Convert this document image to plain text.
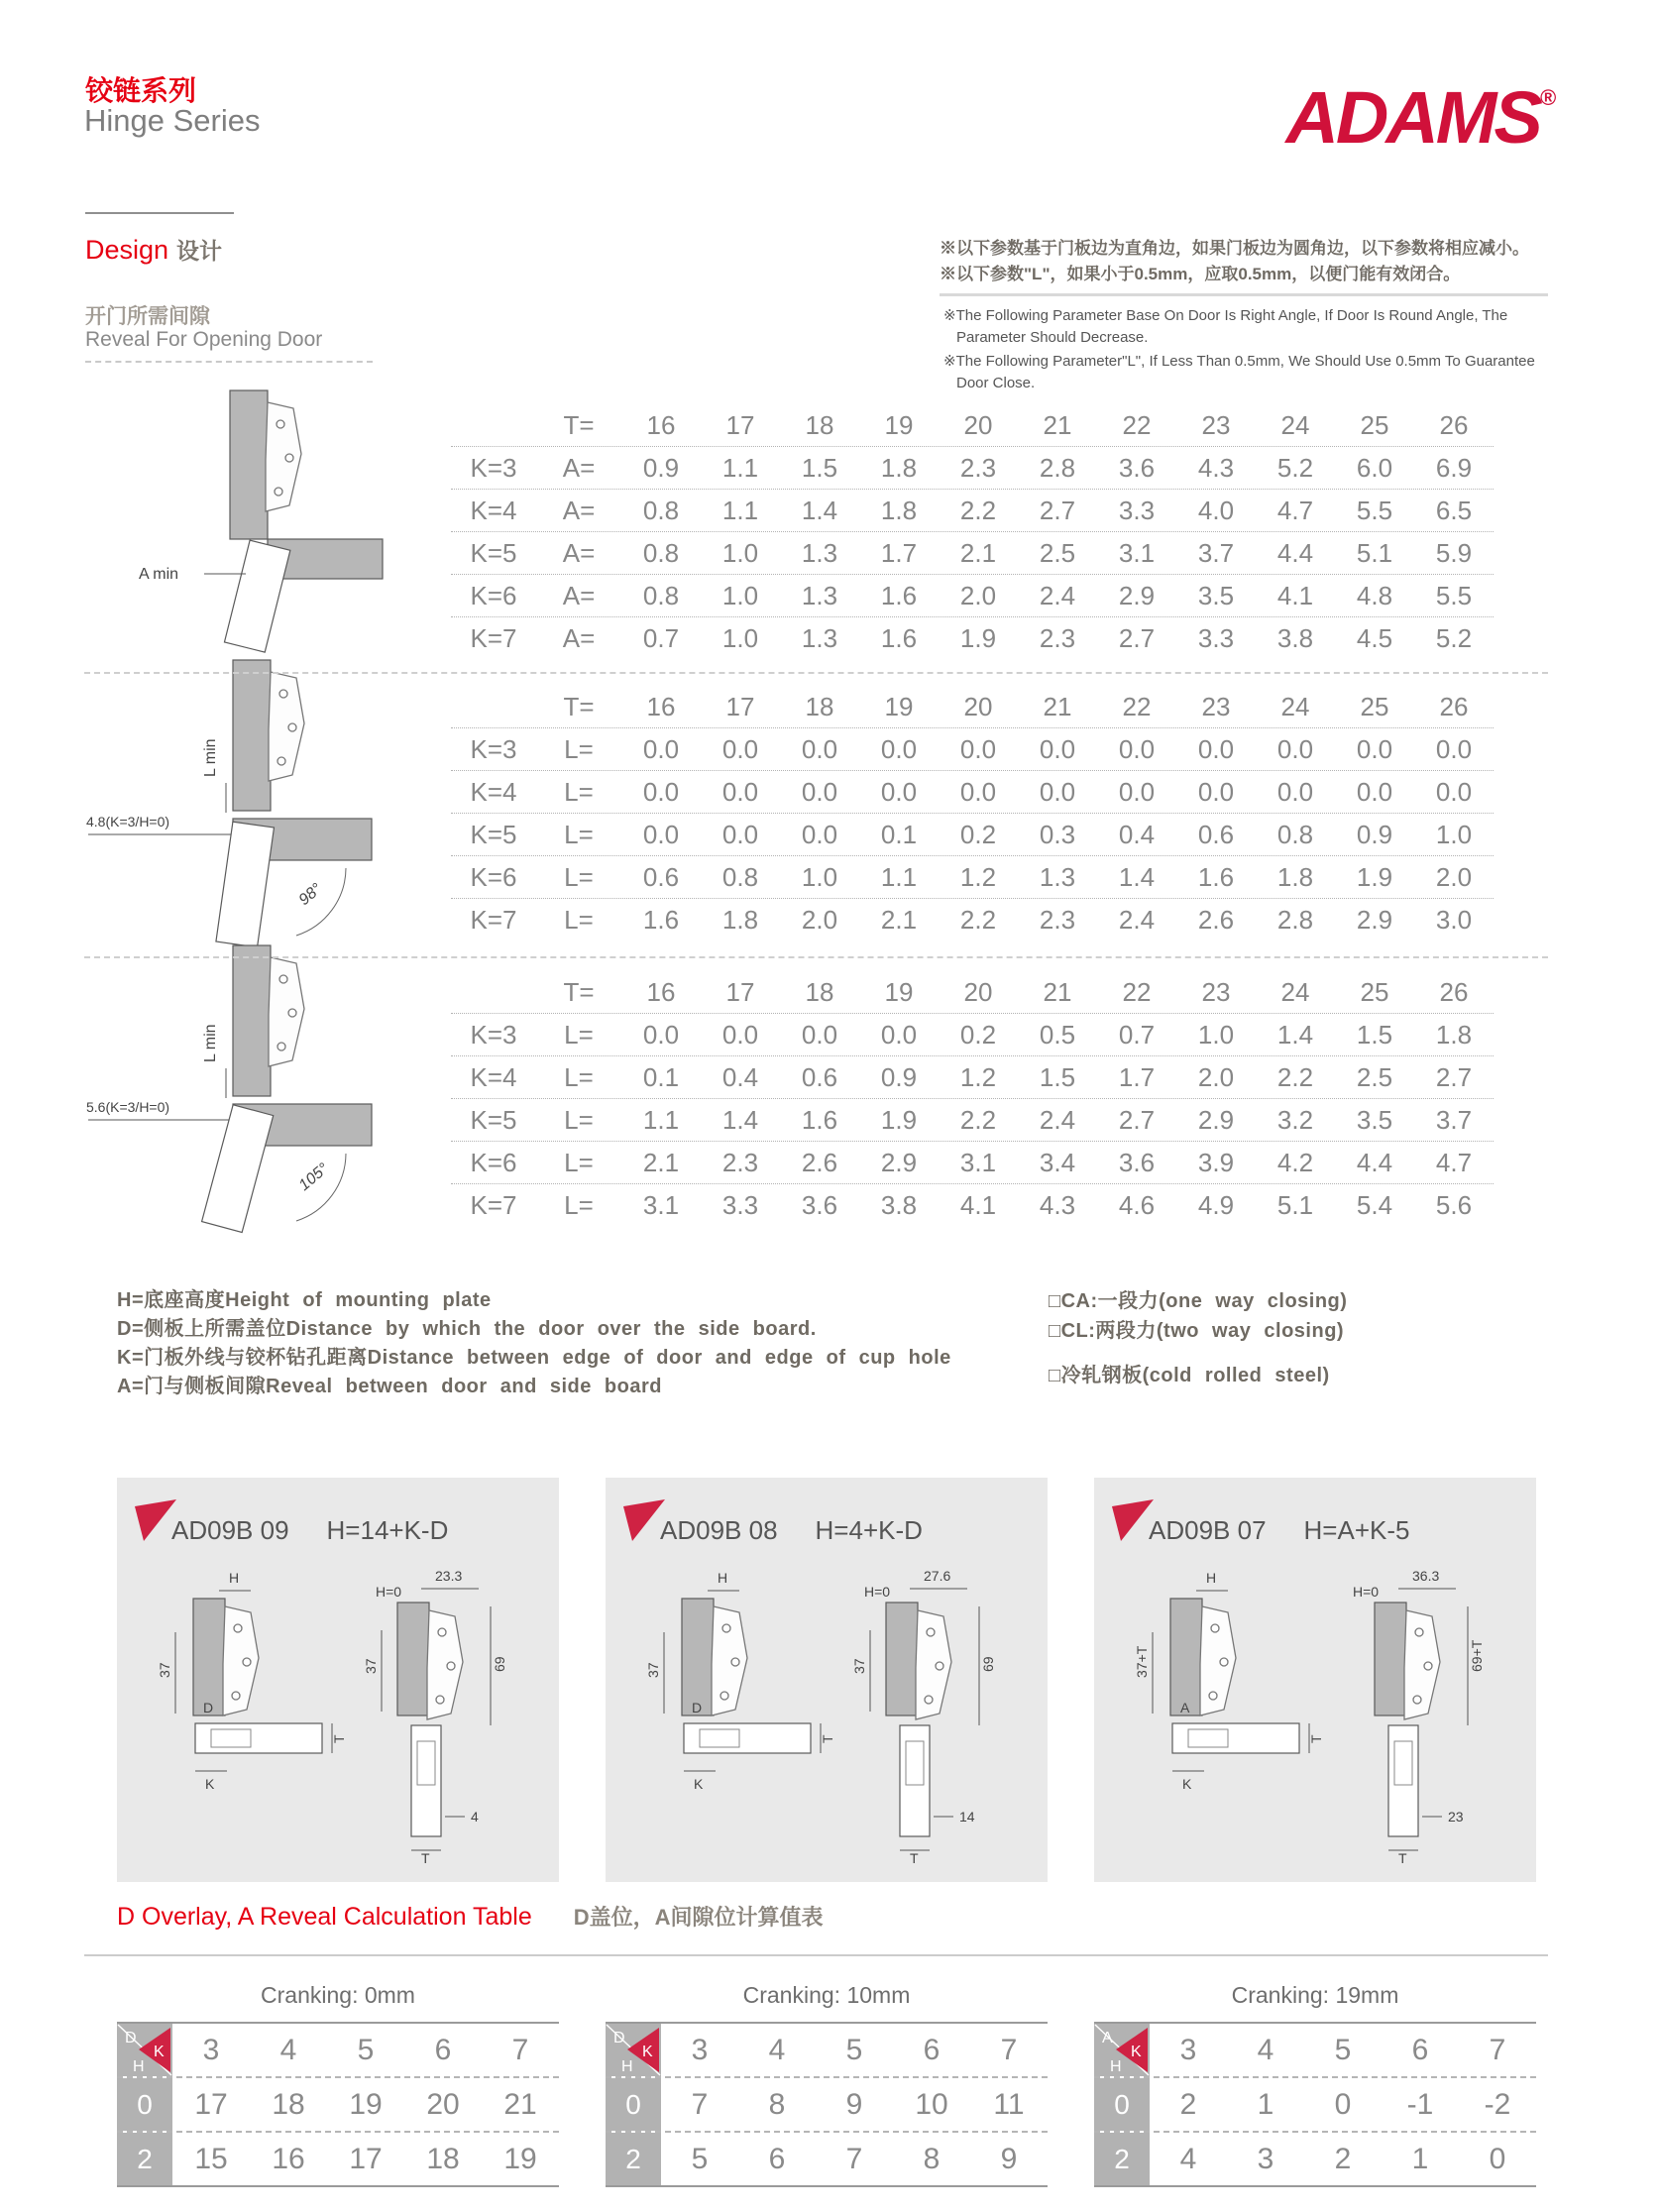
铰链系列
Hinge Series	ADAMS®
Design 设计	※以下参数基于门板边为直角边，如果门板边为圆角边，以下参数将相应减小。
※以下参数"L"，如果小于0.5mm，应取0.5mm，以便门能有效闭合。
※The Following Parameter Base On Door Is Right Angle, If Door Is Round Angle, The Parameter Should Decrease.
※The Following Parameter"L", If Less Than 0.5mm, We Should Use 0.5mm To Guarantee Door Close.
开门所需间隙
Reveal For Opening Door
A min
L min
4.8(K=3/H=0)
98°
L min
5.6(K=3/H=0)
105°
T=	16	17	18	19	20	21	22	23	24	25	26
K=3	A=	0.9	1.1	1.5	1.8	2.3	2.8	3.6	4.3	5.2	6.0	6.9
K=4	A=	0.8	1.1	1.4	1.8	2.2	2.7	3.3	4.0	4.7	5.5	6.5
K=5	A=	0.8	1.0	1.3	1.7	2.1	2.5	3.1	3.7	4.4	5.1	5.9
K=6	A=	0.8	1.0	1.3	1.6	2.0	2.4	2.9	3.5	4.1	4.8	5.5
K=7	A=	0.7	1.0	1.3	1.6	1.9	2.3	2.7	3.3	3.8	4.5	5.2
T=	16	17	18	19	20	21	22	23	24	25	26
K=3	L=	0.0	0.0	0.0	0.0	0.0	0.0	0.0	0.0	0.0	0.0	0.0
K=4	L=	0.0	0.0	0.0	0.0	0.0	0.0	0.0	0.0	0.0	0.0	0.0
K=5	L=	0.0	0.0	0.0	0.1	0.2	0.3	0.4	0.6	0.8	0.9	1.0
K=6	L=	0.6	0.8	1.0	1.1	1.2	1.3	1.4	1.6	1.8	1.9	2.0
K=7	L=	1.6	1.8	2.0	2.1	2.2	2.3	2.4	2.6	2.8	2.9	3.0
T=	16	17	18	19	20	21	22	23	24	25	26
K=3	L=	0.0	0.0	0.0	0.0	0.2	0.5	0.7	1.0	1.4	1.5	1.8
K=4	L=	0.1	0.4	0.6	0.9	1.2	1.5	1.7	2.0	2.2	2.5	2.7
K=5	L=	1.1	1.4	1.6	1.9	2.2	2.4	2.7	2.9	3.2	3.5	3.7
K=6	L=	2.1	2.3	2.6	2.9	3.1	3.4	3.6	3.9	4.2	4.4	4.7
K=7	L=	3.1	3.3	3.6	3.8	4.1	4.3	4.6	4.9	5.1	5.4	5.6
H=底座高度Height of mounting plate
D=侧板上所需盖位Distance by which the door over the side board.
K=门板外线与铰杯钻孔距离Distance between edge of door and edge of cup hole
A=门与侧板间隙Reveal between door and side board
□CA:一段力(one way closing)
□CL:两段力(two way closing)
□冷轧钢板(cold rolled steel)
AD09B 09 H=14+K-D
H
37
D
K
T
H=0
23.3
37	69
4
T
AD09B 08 H=4+K-D
H
37
D
K
T
H=0
27.6
37	69
14
T
AD09B 07 H=A+K-5
H
37+T
A
K
T
H=0
36.3
69+T
23
T
D Overlay, A Reveal Calculation Table D盖位，A间隙位计算值表
Cranking: 0mm	Cranking: 10mm	Cranking: 19mm
D
K
H
3	4	5	6	7
0	17	18	19	20	21
2	15	16	17	18	19
D
K
H
3	4	5	6	7
0	7	8	9	10	11
2	5	6	7	8	9
A
K
H
3	4	5	6	7
0	2	1	0	-1	-2
2	4	3	2	1	0
